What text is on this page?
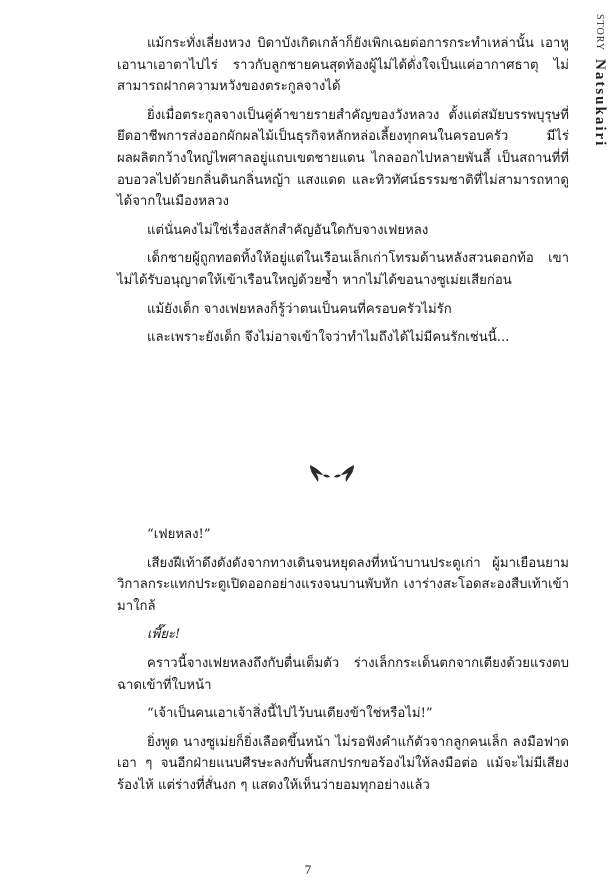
STORY
Natsukairi

แม้กระทั่งเลี่ยงหวง บิดาบังเกิดเกล้าก็ยังเพิกเฉยต่อการกระทำเหล่านั้น เอาหูเอานาเอาตาไปไร่ ราวกับลูกชายคนสุดท้องผู้ไม่ได้ดั่งใจเป็นแค่อากาศธาตุ ไม่สามารถฝากความหวังของตระกูลจางได้

ยิ่งเมื่อตระกูลจางเป็นคู่ค้าขายรายสำคัญของวังหลวง ตั้งแต่สมัยบรรพบุรุษที่ยึดอาชีพการส่งออกผักผลไม้เป็นธุรกิจหลักหล่อเลี้ยงทุกคนในครอบครัว มีไร่ผลผลิตกว้างใหญ่ไพศาลอยู่แถบเขตชายแดน ไกลออกไปหลายพันลี้ เป็นสถานที่ที่อบอวลไปด้วยกลิ่นดินกลิ่นหญ้า แสงแดด และทิวทัศน์ธรรมชาติที่ไม่สามารถหาดูได้จากในเมืองหลวง

แต่นั่นคงไม่ใช่เรื่องสลักสำคัญอันใดกับจางเฟยหลง

เด็กชายผู้ถูกทอดทิ้งให้อยู่แต่ในเรือนเล็กเก่าโทรมด้านหลังสวนดอกท้อ เขาไม่ได้รับอนุญาตให้เข้าเรือนใหญ่ด้วยซ้ำ หากไม่ได้ขอนางซูเม่ยเสียก่อน

แม้ยังเด็ก จางเฟยหลงก็รู้ว่าตนเป็นคนที่ครอบครัวไม่รัก

และเพราะยังเด็ก จึงไม่อาจเข้าใจว่าทำไมถึงได้ไม่มีคนรักเช่นนี้...

“เฟยหลง!”

เสียงฝีเท้าดึงดังดังจากทางเดินจนหยุดลงที่หน้าบานประตูเก่า ผู้มาเยือนยามวิกาลกระแทกประตูเปิดออกอย่างแรงจนบานพับหัก เงาร่างสะโอดสะองสืบเท้าเข้ามาใกล้

เพี๊ยะ!

คราวนี้จางเฟยหลงถึงกับตื่นเต็มตัว ร่างเล็กกระเด็นตกจากเตียงด้วยแรงตบฉาดเข้าที่ใบหน้า

“เจ้าเป็นคนเอาเจ้าสิ่งนี้ไปไว้บนเตียงข้าใช่หรือไม่!”

ยิ่งพูด นางซูเม่ยก็ยิ่งเลือดขึ้นหน้า ไม่รอฟังคำแก้ตัวจากลูกคนเล็ก ลงมือฟาดเอา ๆ จนอีกฝ่ายแนบศีรษะลงกับพื้นสกปรกขอร้องไม่ให้ลงมือต่อ แม้จะไม่มีเสียงร้องไห้ แต่ร่างที่สั่นงก ๆ แสดงให้เห็นว่ายอมทุกอย่างแล้ว

7
